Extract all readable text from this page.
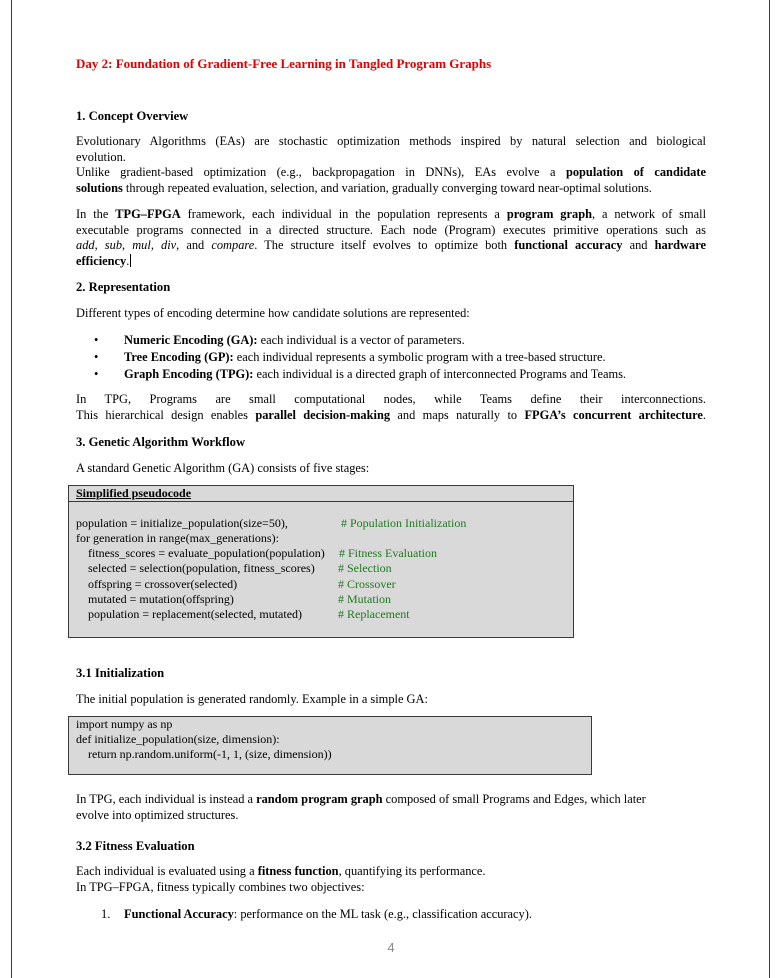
Day 2: Foundation of Gradient-Free Learning in Tangled Program Graphs
1. Concept Overview
Evolutionary Algorithms (EAs) are stochastic optimization methods inspired by natural selection and biological
evolution.
Unlike gradient-based optimization (e.g., backpropagation in DNNs), EAs evolve a population of candidate
solutions through repeated evaluation, selection, and variation, gradually converging toward near-optimal solutions.
In the TPG–FPGA framework, each individual in the population represents a program graph, a network of small
executable programs connected in a directed structure. Each node (Program) executes primitive operations such as
add, sub, mul, div, and compare. The structure itself evolves to optimize both functional accuracy and hardware
efficiency.
2. Representation
Different types of encoding determine how candidate solutions are represented:
• Numeric Encoding (GA): each individual is a vector of parameters.
• Tree Encoding (GP): each individual represents a symbolic program with a tree-based structure.
• Graph Encoding (TPG): each individual is a directed graph of interconnected Programs and Teams.
In TPG, Programs are small computational nodes, while Teams define their interconnections.
This hierarchical design enables parallel decision-making and maps naturally to FPGA’s concurrent architecture.
3. Genetic Algorithm Workflow
A standard Genetic Algorithm (GA) consists of five stages:
Simplified pseudocode
population = initialize_population(size=50),	# Population Initialization
for generation in range(max_generations):
fitness_scores = evaluate_population(population) # Fitness Evaluation
selected = selection(population, fitness_scores) # Selection
offspring = crossover(selected)	# Crossover
mutated = mutation(offspring)	# Mutation
population = replacement(selected, mutated)	# Replacement
3.1 Initialization
The initial population is generated randomly. Example in a simple GA:
import numpy as np
def initialize_population(size, dimension):
return np.random.uniform(-1, 1, (size, dimension))
In TPG, each individual is instead a random program graph composed of small Programs and Edges, which later
evolve into optimized structures.
3.2 Fitness Evaluation
Each individual is evaluated using a fitness function, quantifying its performance.
In TPG–FPGA, fitness typically combines two objectives:
1. Functional Accuracy: performance on the ML task (e.g., classification accuracy).
4
